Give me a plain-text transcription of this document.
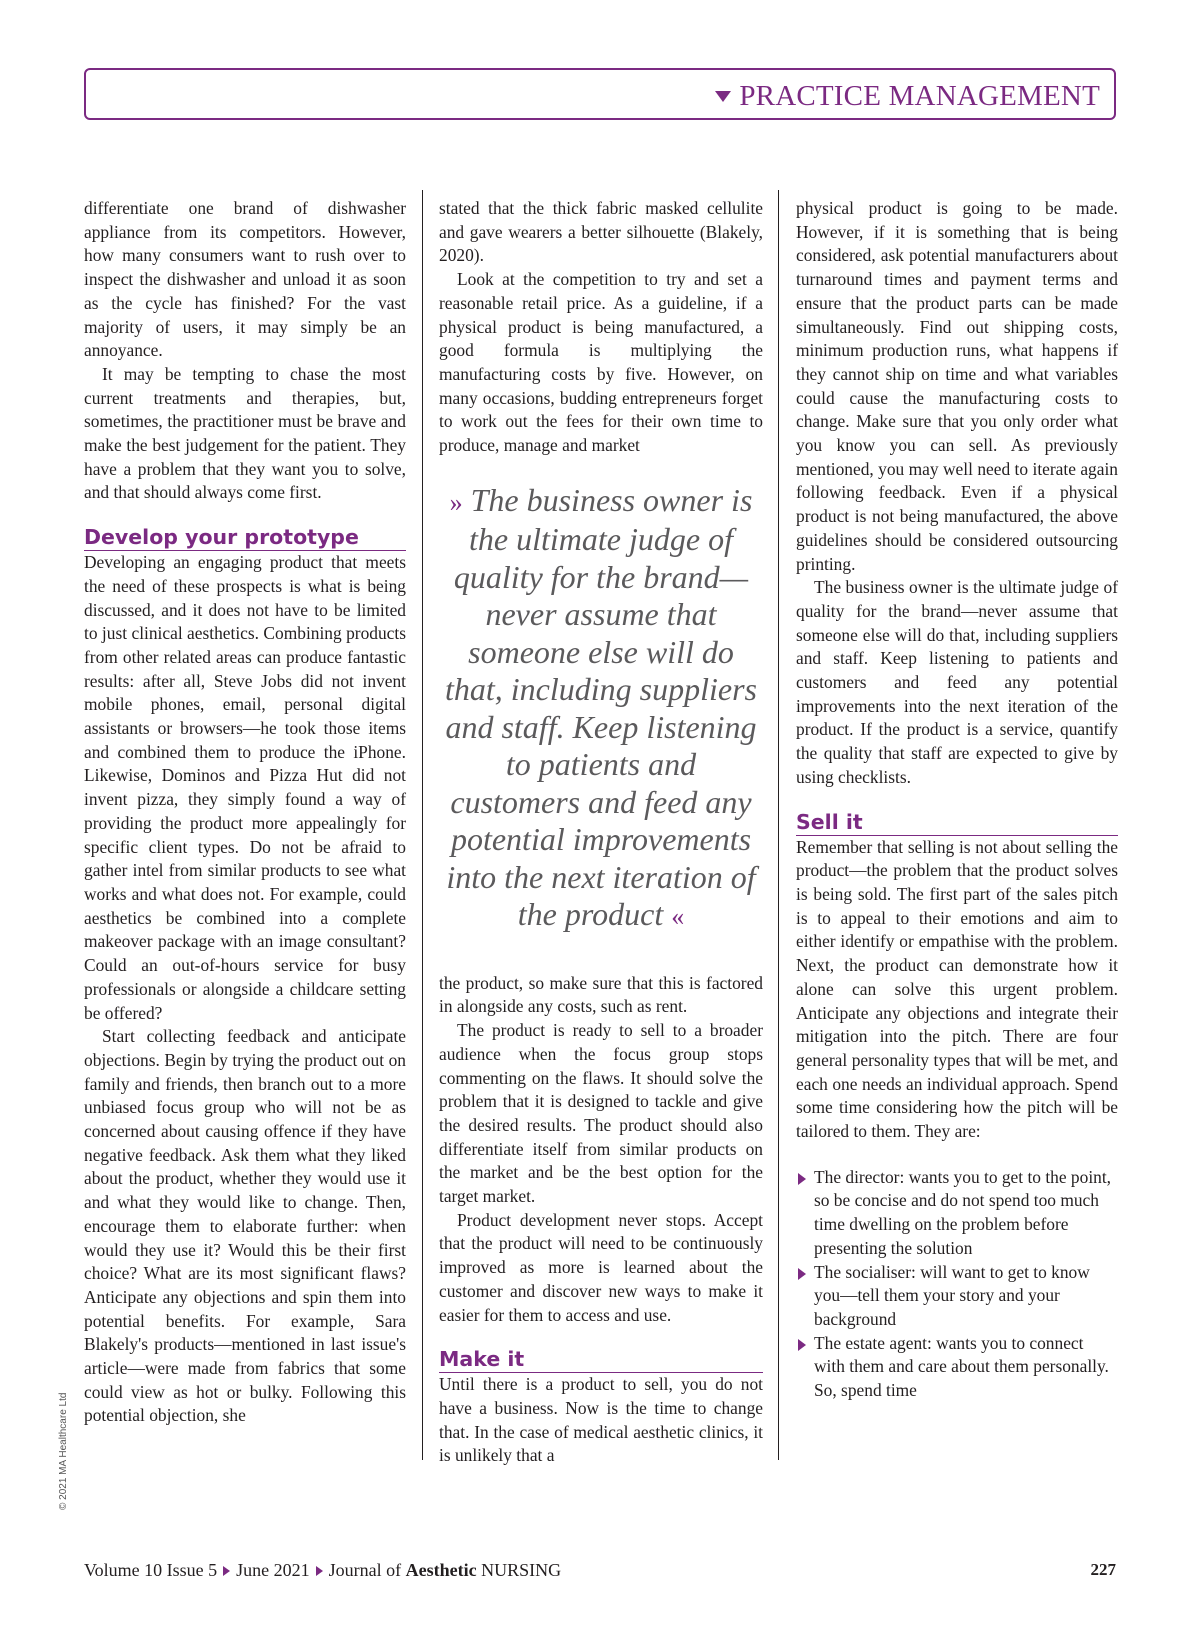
PRACTICE MANAGEMENT

differentiate one brand of dishwasher appliance from its competitors. However, how many consumers want to rush over to inspect the dishwasher and unload it as soon as the cycle has finished? For the vast majority of users, it may simply be an annoyance.

It may be tempting to chase the most current treatments and therapies, but, sometimes, the practitioner must be brave and make the best judgement for the patient. They have a problem that they want you to solve, and that should always come first.

Develop your prototype

Developing an engaging product that meets the need of these prospects is what is being discussed, and it does not have to be limited to just clinical aesthetics. Combining products from other related areas can produce fantastic results: after all, Steve Jobs did not invent mobile phones, email, personal digital assistants or browsers—he took those items and combined them to produce the iPhone. Likewise, Dominos and Pizza Hut did not invent pizza, they simply found a way of providing the product more appealingly for specific client types. Do not be afraid to gather intel from similar products to see what works and what does not. For example, could aesthetics be combined into a complete makeover package with an image consultant? Could an out-of-hours service for busy professionals or alongside a childcare setting be offered?

Start collecting feedback and anticipate objections. Begin by trying the product out on family and friends, then branch out to a more unbiased focus group who will not be as concerned about causing offence if they have negative feedback. Ask them what they liked about the product, whether they would use it and what they would like to change. Then, encourage them to elaborate further: when would they use it? Would this be their first choice? What are its most significant flaws? Anticipate any objections and spin them into potential benefits. For example, Sara Blakely's products—mentioned in last issue's article—were made from fabrics that some could view as hot or bulky. Following this potential objection, she

stated that the thick fabric masked cellulite and gave wearers a better silhouette (Blakely, 2020).

Look at the competition to try and set a reasonable retail price. As a guideline, if a physical product is being manufactured, a good formula is multiplying the manufacturing costs by five. However, on many occasions, budding entrepreneurs forget to work out the fees for their own time to produce, manage and market

» The business owner is the ultimate judge of quality for the brand—never assume that someone else will do that, including suppliers and staff. Keep listening to patients and customers and feed any potential improvements into the next iteration of the product «

the product, so make sure that this is factored in alongside any costs, such as rent.

The product is ready to sell to a broader audience when the focus group stops commenting on the flaws. It should solve the problem that it is designed to tackle and give the desired results. The product should also differentiate itself from similar products on the market and be the best option for the target market.

Product development never stops. Accept that the product will need to be continuously improved as more is learned about the customer and discover new ways to make it easier for them to access and use.

Make it

Until there is a product to sell, you do not have a business. Now is the time to change that. In the case of medical aesthetic clinics, it is unlikely that a

physical product is going to be made. However, if it is something that is being considered, ask potential manufacturers about turnaround times and payment terms and ensure that the product parts can be made simultaneously. Find out shipping costs, minimum production runs, what happens if they cannot ship on time and what variables could cause the manufacturing costs to change. Make sure that you only order what you know you can sell. As previously mentioned, you may well need to iterate again following feedback. Even if a physical product is not being manufactured, the above guidelines should be considered outsourcing printing.

The business owner is the ultimate judge of quality for the brand—never assume that someone else will do that, including suppliers and staff. Keep listening to patients and customers and feed any potential improvements into the next iteration of the product. If the product is a service, quantify the quality that staff are expected to give by using checklists.

Sell it

Remember that selling is not about selling the product—the problem that the product solves is being sold. The first part of the sales pitch is to appeal to their emotions and aim to either identify or empathise with the problem. Next, the product can demonstrate how it alone can solve this urgent problem. Anticipate any objections and integrate their mitigation into the pitch. There are four general personality types that will be met, and each one needs an individual approach. Spend some time considering how the pitch will be tailored to them. They are:

The director: wants you to get to the point, so be concise and do not spend too much time dwelling on the problem before presenting the solution
The socialiser: will want to get to know you—tell them your story and your background
The estate agent: wants you to connect with them and care about them personally. So, spend time
© 2021 MA Healthcare Ltd
Volume 10 Issue 5 June 2021 Journal of Aesthetic NURSING	227
